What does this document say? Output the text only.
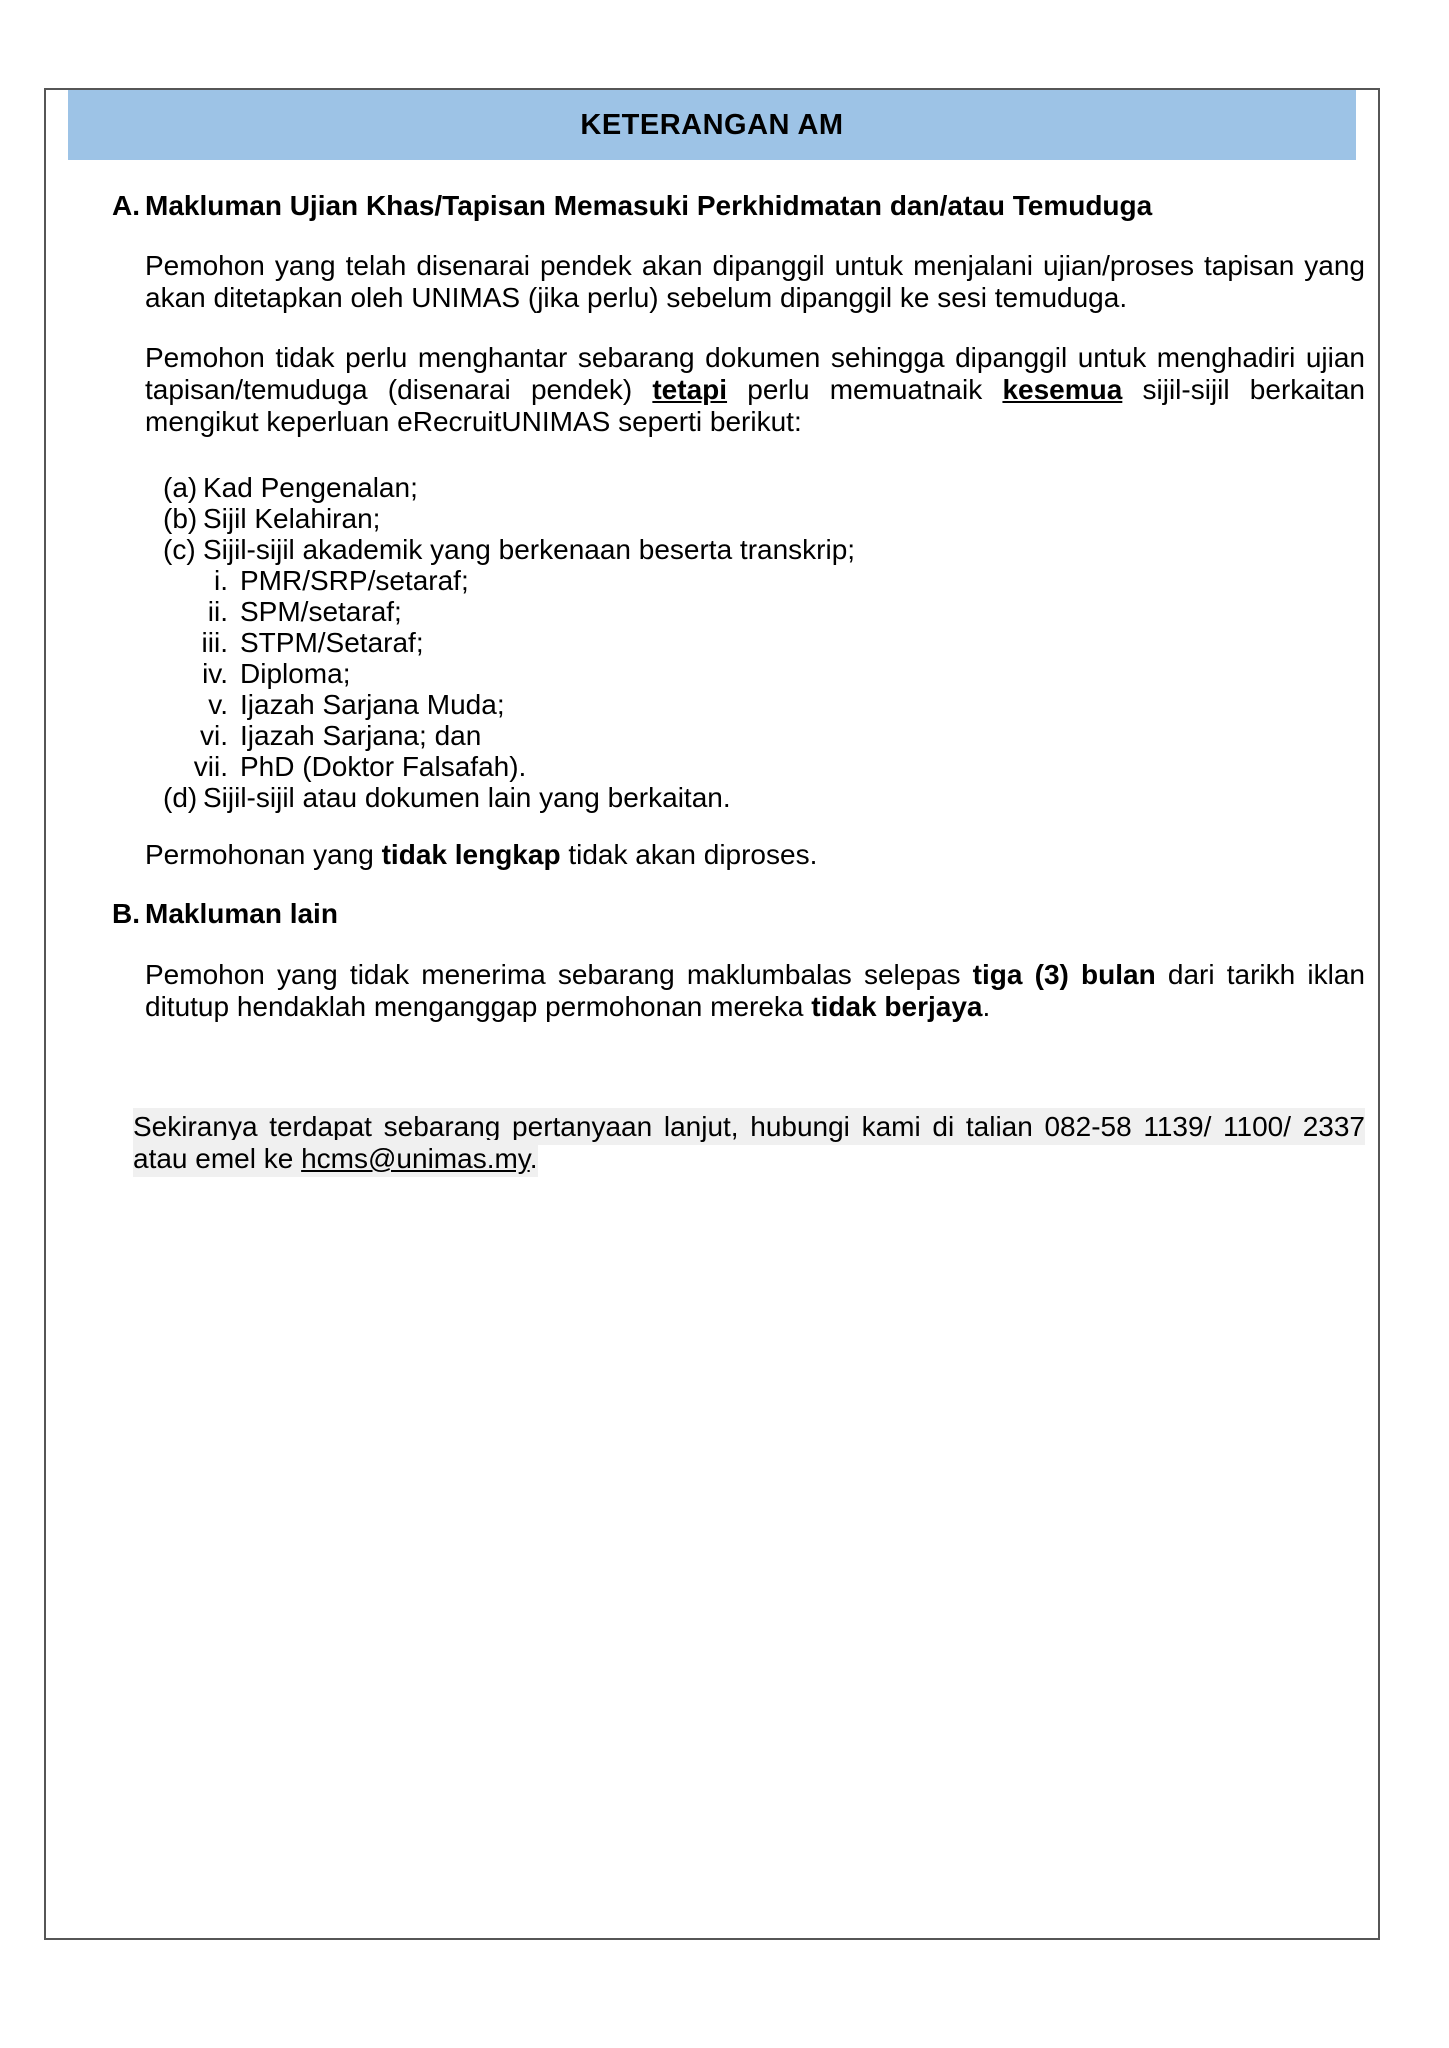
KETERANGAN AM
A. Makluman Ujian Khas/Tapisan Memasuki Perkhidmatan dan/atau Temuduga

Pemohon yang telah disenarai pendek akan dipanggil untuk menjalani ujian/proses tapisan yang akan ditetapkan oleh UNIMAS (jika perlu) sebelum dipanggil ke sesi temuduga.

Pemohon tidak perlu menghantar sebarang dokumen sehingga dipanggil untuk menghadiri ujian tapisan/temuduga (disenarai pendek) tetapi perlu memuatnaik kesemua sijil-sijil berkaitan mengikut keperluan eRecruitUNIMAS seperti berikut:

(a) Kad Pengenalan;
(b) Sijil Kelahiran;
(c) Sijil-sijil akademik yang berkenaan beserta transkrip;
i. PMR/SRP/setaraf;
ii. SPM/setaraf;
iii. STPM/Setaraf;
iv. Diploma;
v. Ijazah Sarjana Muda;
vi. Ijazah Sarjana; dan
vii. PhD (Doktor Falsafah).
(d) Sijil-sijil atau dokumen lain yang berkaitan.

Permohonan yang tidak lengkap tidak akan diproses.

B. Makluman lain

Pemohon yang tidak menerima sebarang maklumbalas selepas tiga (3) bulan dari tarikh iklan ditutup hendaklah menganggap permohonan mereka tidak berjaya.

Sekiranya terdapat sebarang pertanyaan lanjut, hubungi kami di talian 082-58 1139/ 1100/ 2337 atau emel ke hcms@unimas.my.
